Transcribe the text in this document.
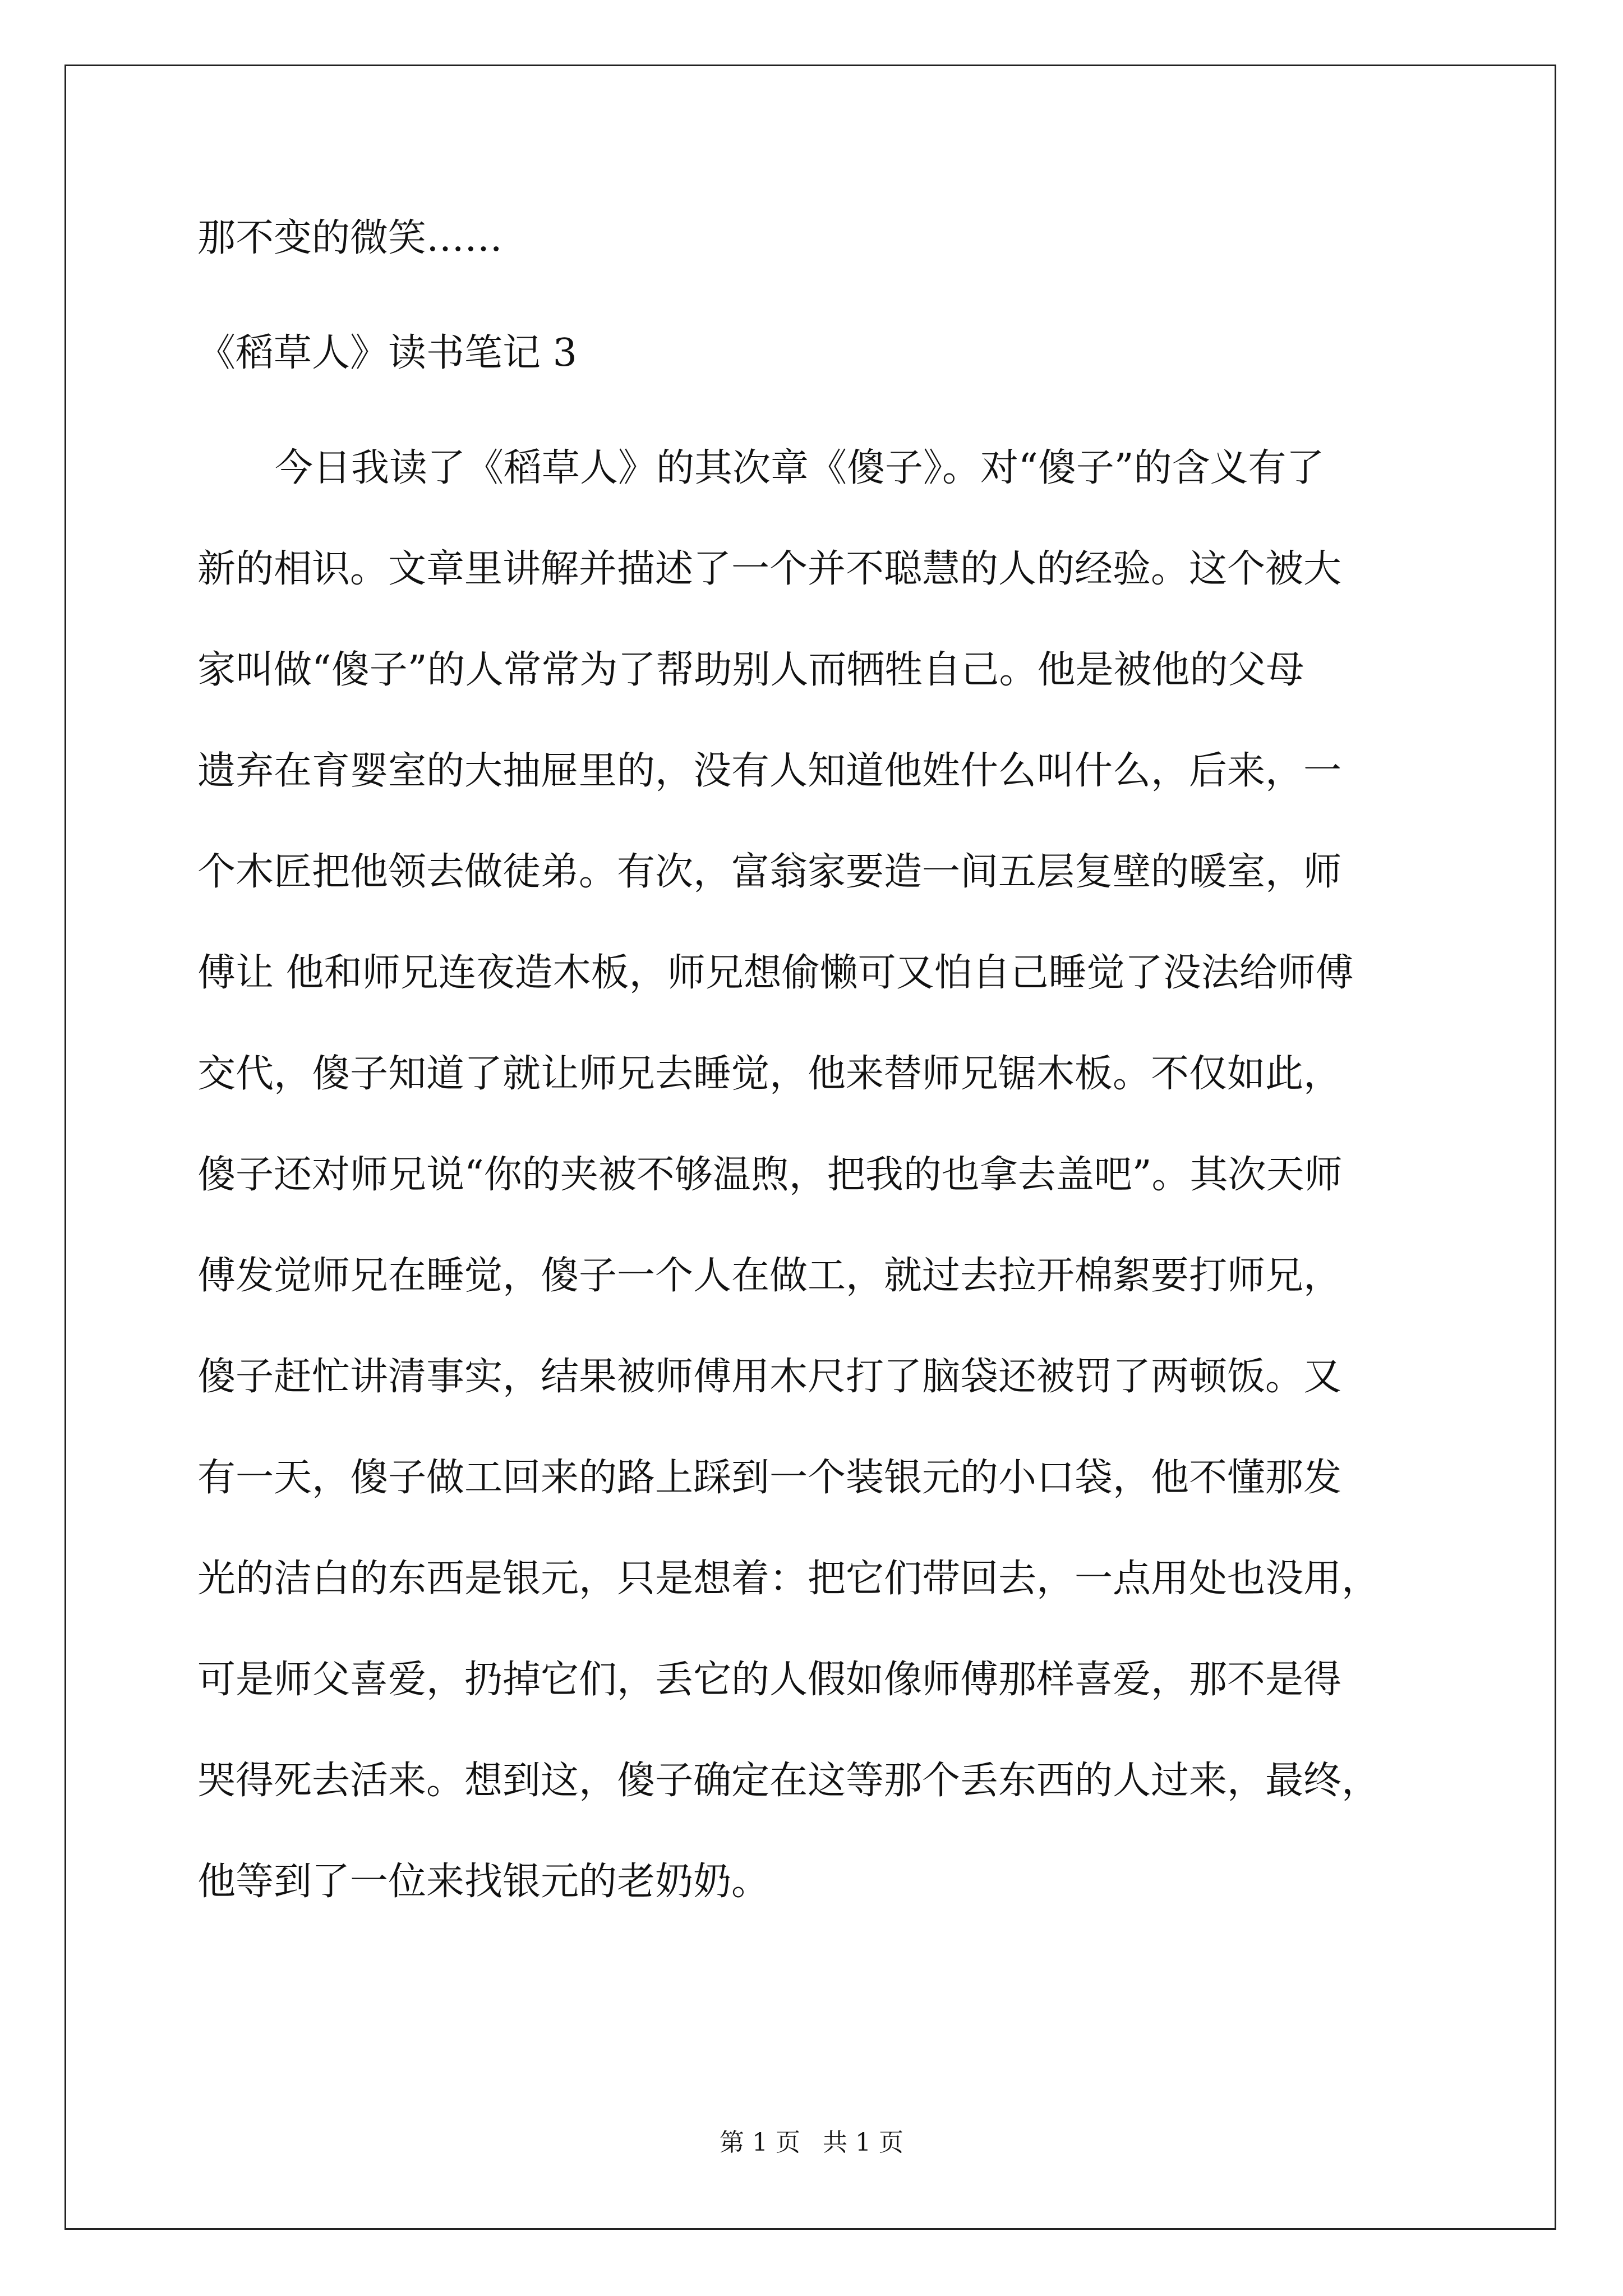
那不变的微笑……
《稻草人》读书笔记 3
今日我读了《稻草人》的其次章《傻子》。对“傻子”的含义有了
新的相识。文章里讲解并描述了一个并不聪慧的人的经验。这个被大
家叫做“傻子”的人常常为了帮助别人而牺牲自己。他是被他的父母
遗弃在育婴室的大抽屉里的，没有人知道他姓什么叫什么，后来，一
个木匠把他领去做徒弟。有次，富翁家要造一间五层复壁的暖室，师
傅让 他和师兄连夜造木板，师兄想偷懒可又怕自己睡觉了没法给师傅
交代，傻子知道了就让师兄去睡觉，他来替师兄锯木板。不仅如此，
傻子还对师兄说“你的夹被不够温煦，把我的也拿去盖吧”。其次天师
傅发觉师兄在睡觉，傻子一个人在做工，就过去拉开棉絮要打师兄，
傻子赶忙讲清事实，结果被师傅用木尺打了脑袋还被罚了两顿饭。又
有一天，傻子做工回来的路上踩到一个装银元的小口袋，他不懂那发
光的洁白的东西是银元，只是想着：把它们带回去，一点用处也没用，
可是师父喜爱，扔掉它们，丢它的人假如像师傅那样喜爱，那不是得
哭得死去活来。想到这，傻子确定在这等那个丢东西的人过来，最终，
他等到了一位来找银元的老奶奶。
第 1 页 共 1 页
